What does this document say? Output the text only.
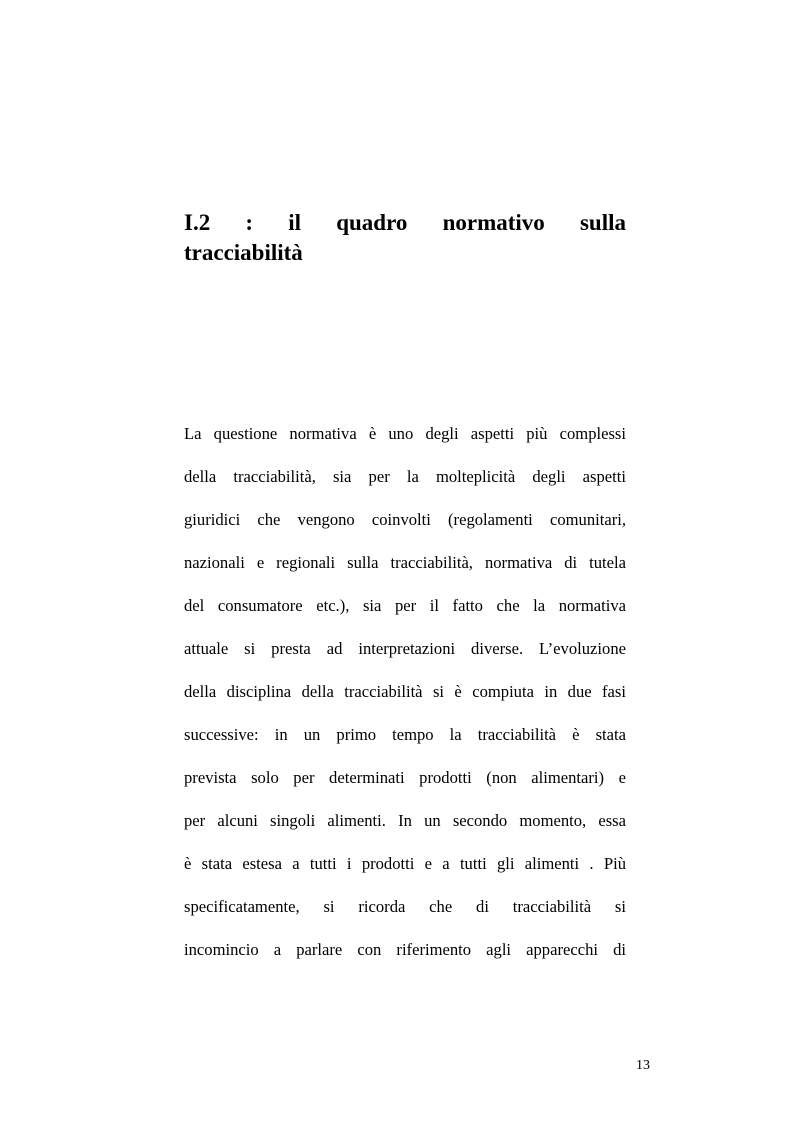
I.2 : il quadro normativo sulla
tracciabilità
La questione normativa è uno degli aspetti più complessi
della tracciabilità, sia per la molteplicità degli aspetti
giuridici che vengono coinvolti (regolamenti comunitari,
nazionali e regionali sulla tracciabilità, normativa di tutela
del consumatore etc.), sia per il fatto che la normativa
attuale si presta ad interpretazioni diverse. L’evoluzione
della disciplina della tracciabilità si è compiuta in due fasi
successive: in un primo tempo la tracciabilità è stata
prevista solo per determinati prodotti (non alimentari) e
per alcuni singoli alimenti. In un secondo momento, essa
è stata estesa a tutti i prodotti e a tutti gli alimenti . Più
specificatamente, si ricorda che di tracciabilità si
incomincio a parlare con riferimento agli apparecchi di
13
